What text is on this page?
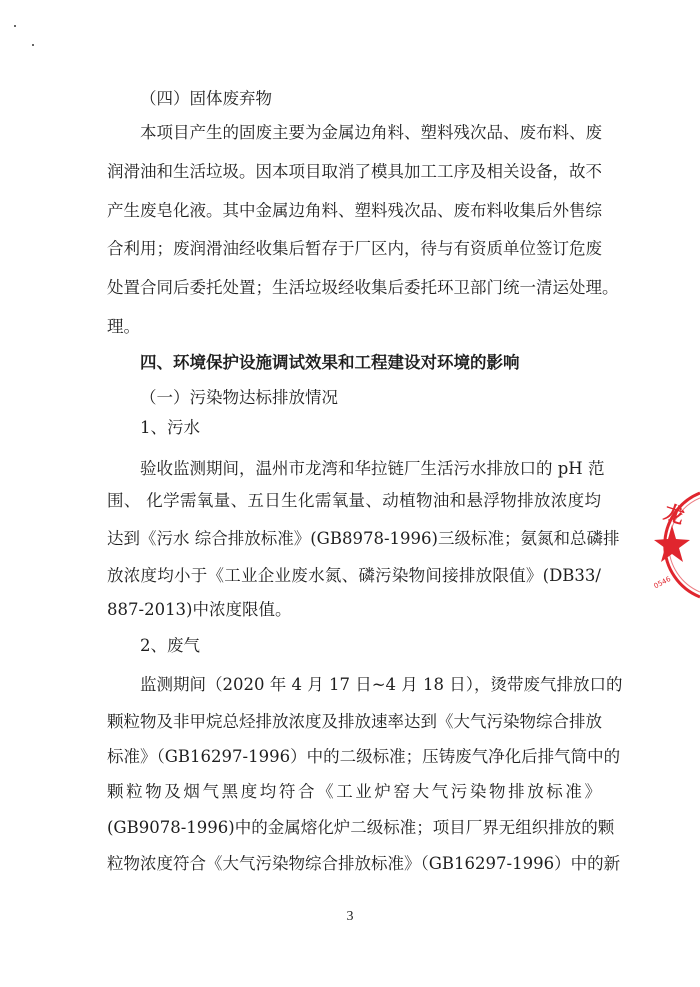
（四）固体废弃物
本项目产生的固废主要为金属边角料、塑料残次品、废布料、废
润滑油和生活垃圾。因本项目取消了模具加工工序及相关设备，故不
产生废皂化液。其中金属边角料、塑料残次品、废布料收集后外售综
合利用；废润滑油经收集后暂存于厂区内，待与有资质单位签订危废
处置合同后委托处置；生活垃圾经收集后委托环卫部门统一清运处理。
理。
四、环境保护设施调试效果和工程建设对环境的影响
（一）污染物达标排放情况
1、污水
验收监测期间，温州市龙湾和华拉链厂生活污水排放口的 pH 范
围、 化学需氧量、五日生化需氧量、动植物油和悬浮物排放浓度均
达到《污水 综合排放标准》(GB8978-1996)三级标准；氨氮和总磷排
放浓度均小于《工业企业废水氮、磷污染物间接排放限值》(DB33/
887-2013)中浓度限值。
2、废气
监测期间（2020 年 4 月 17 日~4 月 18 日），烫带废气排放口的
颗粒物及非甲烷总烃排放浓度及排放速率达到《大气污染物综合排放
标准》（GB16297-1996）中的二级标准；压铸废气净化后排气筒中的
颗粒物及烟气黑度均符合《工业炉窑大气污染物排放标准》
(GB9078-1996)中的金属熔化炉二级标准；项目厂界无组织排放的颗
粒物浓度符合《大气污染物综合排放标准》（GB16297-1996）中的新
3
龙
0546
